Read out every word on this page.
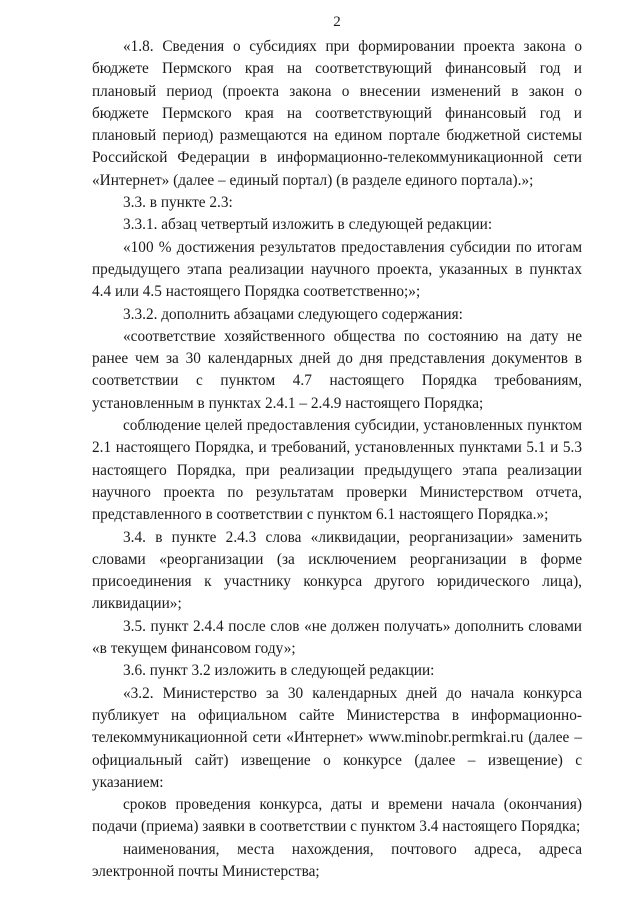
2

«1.8. Сведения о субсидиях при формировании проекта закона о бюджете Пермского края на соответствующий финансовый год и плановый период (проекта закона о внесении изменений в закон о бюджете Пермского края на соответствующий финансовый год и плановый период) размещаются на едином портале бюджетной системы Российской Федерации в информационно-телекоммуникационной сети «Интернет» (далее – единый портал) (в разделе единого портала).»;

3.3. в пункте 2.3:

3.3.1. абзац четвертый изложить в следующей редакции:

«100 % достижения результатов предоставления субсидии по итогам предыдущего этапа реализации научного проекта, указанных в пунктах 4.4 или 4.5 настоящего Порядка соответственно;»;

3.3.2. дополнить абзацами следующего содержания:

«соответствие хозяйственного общества по состоянию на дату не ранее чем за 30 календарных дней до дня представления документов в соответствии с пунктом 4.7 настоящего Порядка требованиям, установленным в пунктах 2.4.1 – 2.4.9 настоящего Порядка;

соблюдение целей предоставления субсидии, установленных пунктом 2.1 настоящего Порядка, и требований, установленных пунктами 5.1 и 5.3 настоящего Порядка, при реализации предыдущего этапа реализации научного проекта по результатам проверки Министерством отчета, представленного в соответствии с пунктом 6.1 настоящего Порядка.»;

3.4. в пункте 2.4.3 слова «ликвидации, реорганизации» заменить словами «реорганизации (за исключением реорганизации в форме присоединения к участнику конкурса другого юридического лица), ликвидации»;

3.5. пункт 2.4.4 после слов «не должен получать» дополнить словами «в текущем финансовом году»;

3.6. пункт 3.2 изложить в следующей редакции:

«3.2. Министерство за 30 календарных дней до начала конкурса публикует на официальном сайте Министерства в информационно-телекоммуникационной сети «Интернет» www.minobr.permkrai.ru (далее – официальный сайт) извещение о конкурсе (далее – извещение) с указанием:

сроков проведения конкурса, даты и времени начала (окончания) подачи (приема) заявки в соответствии с пунктом 3.4 настоящего Порядка;

наименования, места нахождения, почтового адреса, адреса электронной почты Министерства;
